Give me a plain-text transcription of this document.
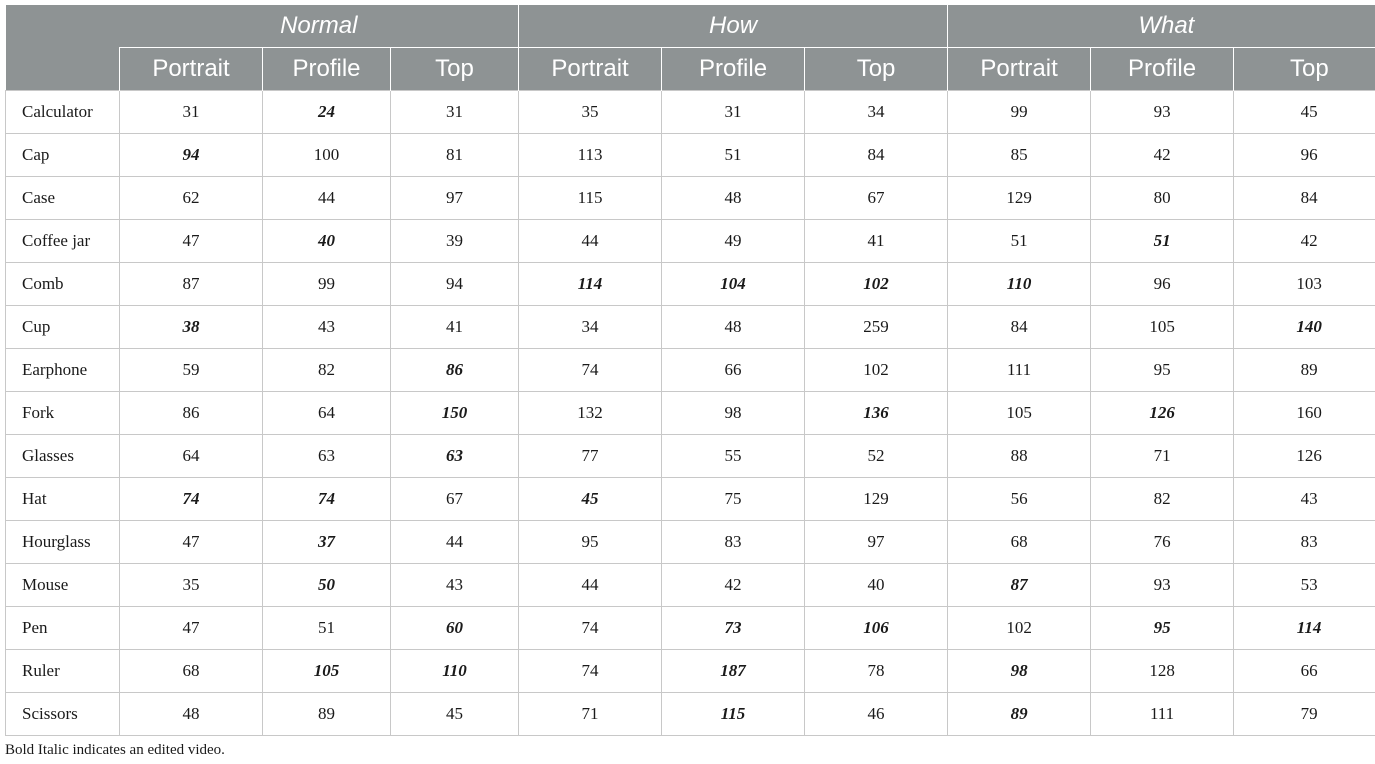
	Normal			How			What		
	Portrait	Profile	Top	Portrait	Profile	Top	Portrait	Profile	Top
Calculator	31	24	31	35	31	34	99	93	45
Cap	94	100	81	113	51	84	85	42	96
Case	62	44	97	115	48	67	129	80	84
Coffee jar	47	40	39	44	49	41	51	51	42
Comb	87	99	94	114	104	102	110	96	103
Cup	38	43	41	34	48	259	84	105	140
Earphone	59	82	86	74	66	102	111	95	89
Fork	86	64	150	132	98	136	105	126	160
Glasses	64	63	63	77	55	52	88	71	126
Hat	74	74	67	45	75	129	56	82	43
Hourglass	47	37	44	95	83	97	68	76	83
Mouse	35	50	43	44	42	40	87	93	53
Pen	47	51	60	74	73	106	102	95	114
Ruler	68	105	110	74	187	78	98	128	66
Scissors	48	89	45	71	115	46	89	111	79
Bold Italic indicates an edited video.
